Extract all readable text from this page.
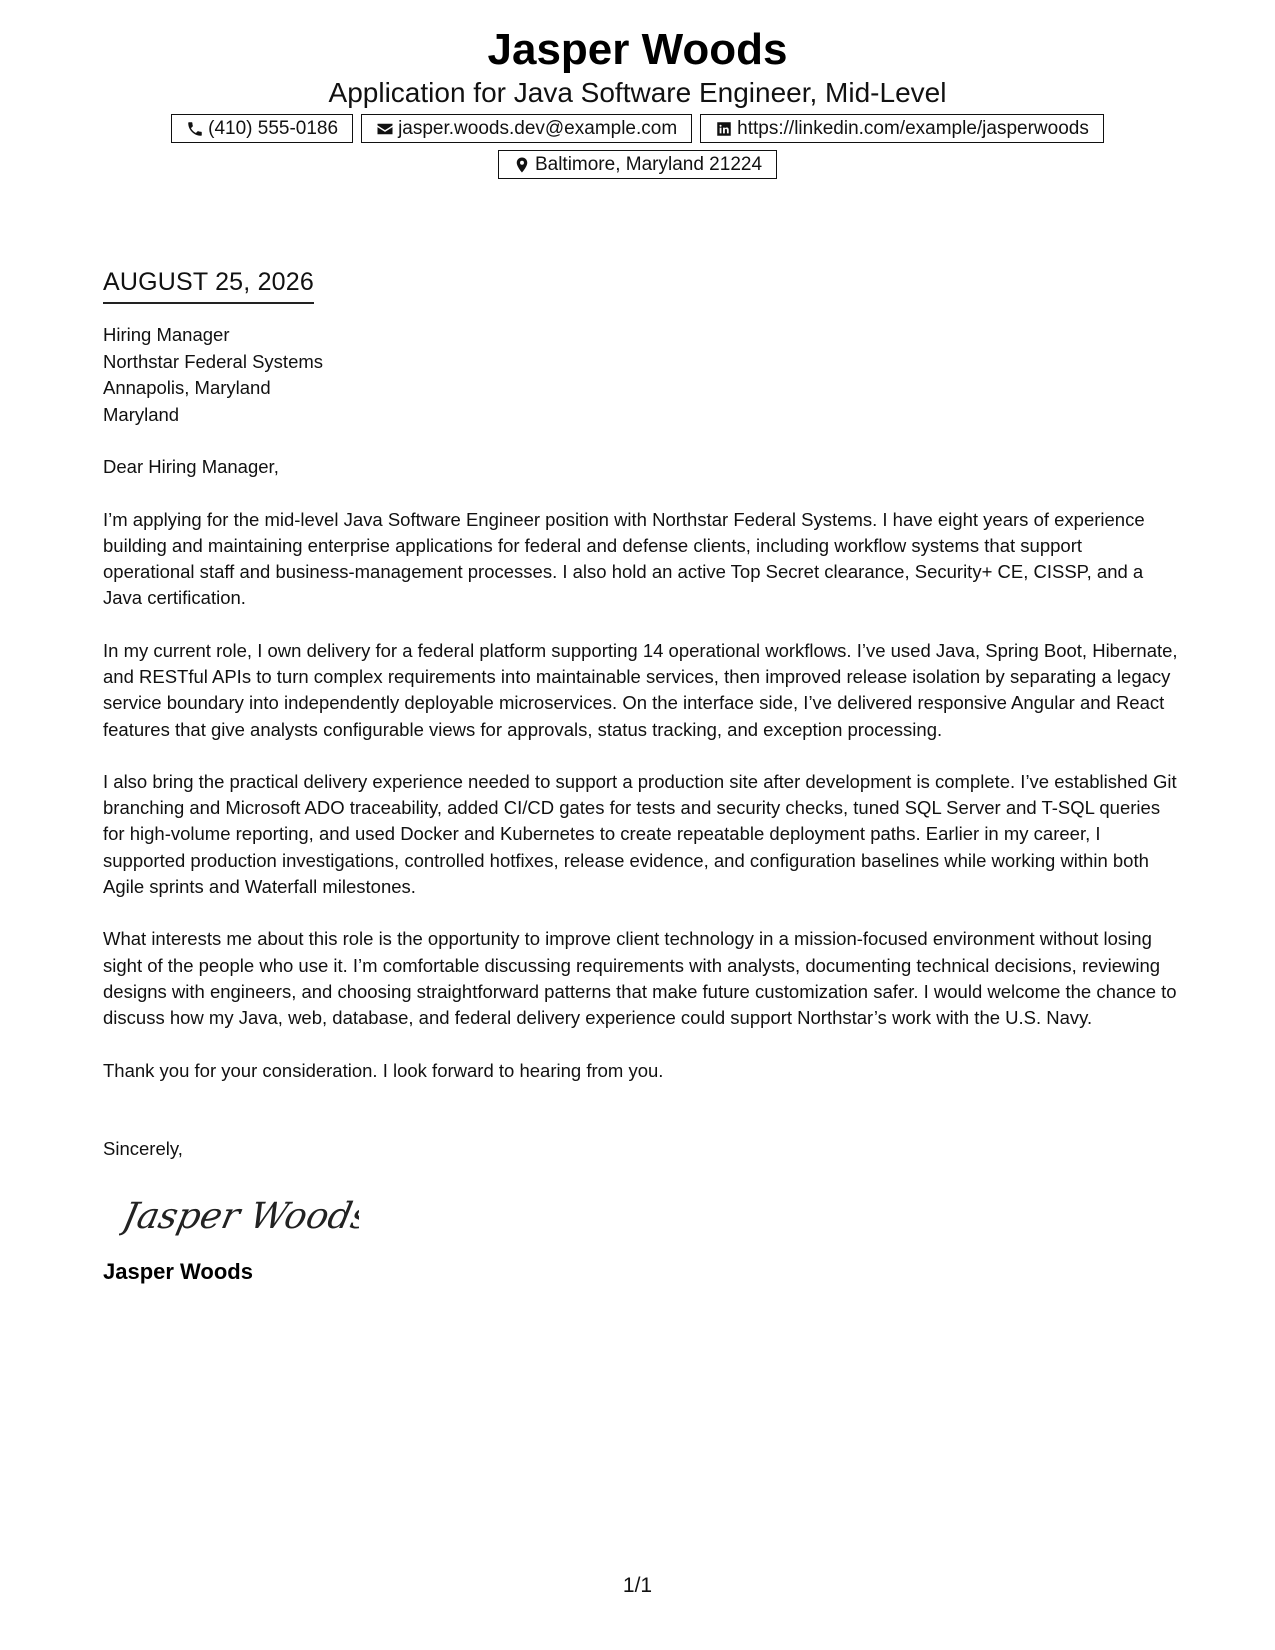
Jasper Woods
Application for Java Software Engineer, Mid-Level
(410) 555-0186	jasper.woods.dev@example.com	https://linkedin.com/example/jasperwoods
Baltimore, Maryland 21224
AUGUST 25, 2026
Hiring Manager
Northstar Federal Systems
Annapolis, Maryland
Maryland
Dear Hiring Manager,
I’m applying for the mid-level Java Software Engineer position with Northstar Federal Systems. I have eight years of experience building and maintaining enterprise applications for federal and defense clients, including workflow systems that support operational staff and business-management processes. I also hold an active Top Secret clearance, Security+ CE, CISSP, and a Java certification.
In my current role, I own delivery for a federal platform supporting 14 operational workflows. I’ve used Java, Spring Boot, Hibernate, and RESTful APIs to turn complex requirements into maintainable services, then improved release isolation by separating a legacy service boundary into independently deployable microservices. On the interface side, I’ve delivered responsive Angular and React features that give analysts configurable views for approvals, status tracking, and exception processing.
I also bring the practical delivery experience needed to support a production site after development is complete. I’ve established Git branching and Microsoft ADO traceability, added CI/CD gates for tests and security checks, tuned SQL Server and T-SQL queries for high-volume reporting, and used Docker and Kubernetes to create repeatable deployment paths. Earlier in my career, I supported production investigations, controlled hotfixes, release evidence, and configuration baselines while working within both Agile sprints and Waterfall milestones.
What interests me about this role is the opportunity to improve client technology in a mission-focused environment without losing sight of the people who use it. I’m comfortable discussing requirements with analysts, documenting technical decisions, reviewing designs with engineers, and choosing straightforward patterns that make future customization safer. I would welcome the chance to discuss how my Java, web, database, and federal delivery experience could support Northstar’s work with the U.S. Navy.
Thank you for your consideration. I look forward to hearing from you.
Sincerely,
Jasper Woods
Jasper Woods
1/1
